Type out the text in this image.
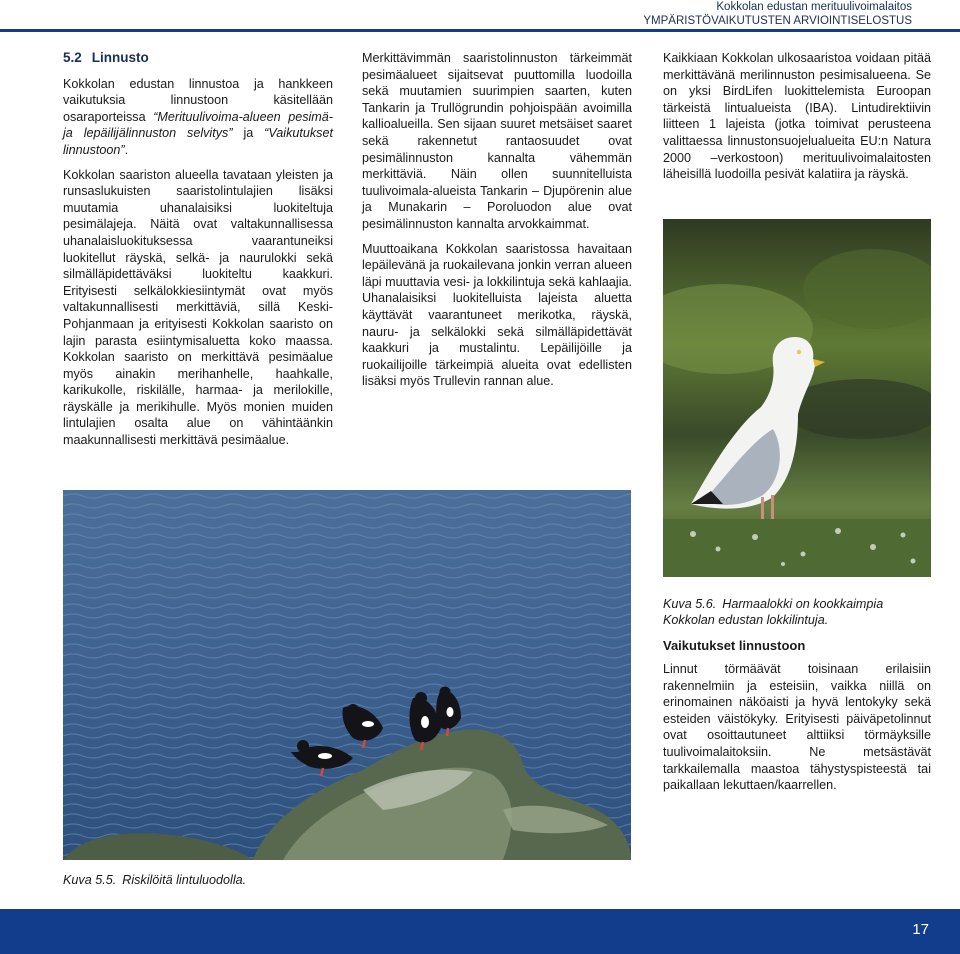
Kokkolan edustan merituulivoimalaitos
YMPÄRISTÖVAIKUTUSTEN ARVIOINTISELOSTUS
5.2 Linnusto

Kokkolan edustan linnustoa ja hankkeen vaikutuksia linnustoon käsitellään osaraporteissa “Merituulivoima-alueen pesimä- ja lepäilijälinnuston selvitys” ja “Vaikutukset linnustoon”.

Kokkolan saariston alueella tavataan yleisten ja runsaslukuisten saaristolintulajien lisäksi muutamia uhanalaisiksi luokiteltuja pesimälajeja. Näitä ovat valtakunnallisessa uhanalaisluokituksessa vaarantuneiksi luokitellut räyskä, selkä- ja naurulokki sekä silmälläpidettäväksi luokiteltu kaakkuri. Erityisesti selkälokkiesiintymät ovat myös valtakunnallisesti merkittäviä, sillä Keski-Pohjanmaan ja erityisesti Kokkolan saaristo on lajin parasta esiintymisaluetta koko maassa. Kokkolan saaristo on merkittävä pesimäalue myös ainakin merihanhelle, haahkalle, karikukolle, riskilälle, harmaa- ja merilokille, räyskälle ja merikihulle. Myös monien muiden lintulajien osalta alue on vähintäänkin maakunnallisesti merkittävä pesimäalue.

Merkittävimmän saaristolinnuston tärkeimmät pesimäalueet sijaitsevat puuttomilla luodoilla sekä muutamien suurimpien saarten, kuten Tankarin ja Trullögrundin pohjoispään avoimilla kallioalueilla. Sen sijaan suuret metsäiset saaret sekä rakennetut rantaosuudet ovat pesimälinnuston kannalta vähemmän merkittäviä. Näin ollen suunnitelluista tuulivoimala-alueista Tankarin – Djupörenin alue ja Munakarin – Poroluodon alue ovat pesimälinnuston kannalta arvokkaimmat.

Muuttoaikana Kokkolan saaristossa havaitaan lepäilevänä ja ruokailevana jonkin verran alueen läpi muuttavia vesi- ja lokkilintuja sekä kahlaajia. Uhanalaisiksi luokitelluista lajeista aluetta käyttävät vaarantuneet merikotka, räyskä, nauru- ja selkälokki sekä silmälläpidettävät kaakkuri ja mustalintu. Lepäilijöille ja ruokailijoille tärkeimpiä alueita ovat edellisten lisäksi myös Trullevin rannan alue.

Kaikkiaan Kokkolan ulkosaaristoa voidaan pitää merkittävänä merilinnuston pesimisalueena. Se on yksi BirdLifen luokittelemista Euroopan tärkeistä lintualueista (IBA). Lintudirektiivin liitteen 1 lajeista (jotka toimivat perusteena valittaessa linnustonsuojelualueita EU:n Natura 2000 –verkostoon) merituulivoimalaitosten läheisillä luodoilla pesivät kalatiira ja räyskä.

Kuva 5.6. Harmaalokki on kookkaimpia Kokkolan edustan lokkilintuja.
Vaikutukset linnustoon

Linnut törmäävät toisinaan erilaisiin rakennelmiin ja esteisiin, vaikka niillä on erinomainen näköaisti ja hyvä lentokyky sekä esteiden väistökyky. Erityisesti päiväpetolinnut ovat osoittautuneet alttiiksi törmäyksille tuulivoimalaitoksiin. Ne metsästävät tarkkailemalla maastoa tähystyspisteestä tai paikallaan lekuttaen/kaarrellen.

Kuva 5.5. Riskilöitä lintuluodolla.
17
